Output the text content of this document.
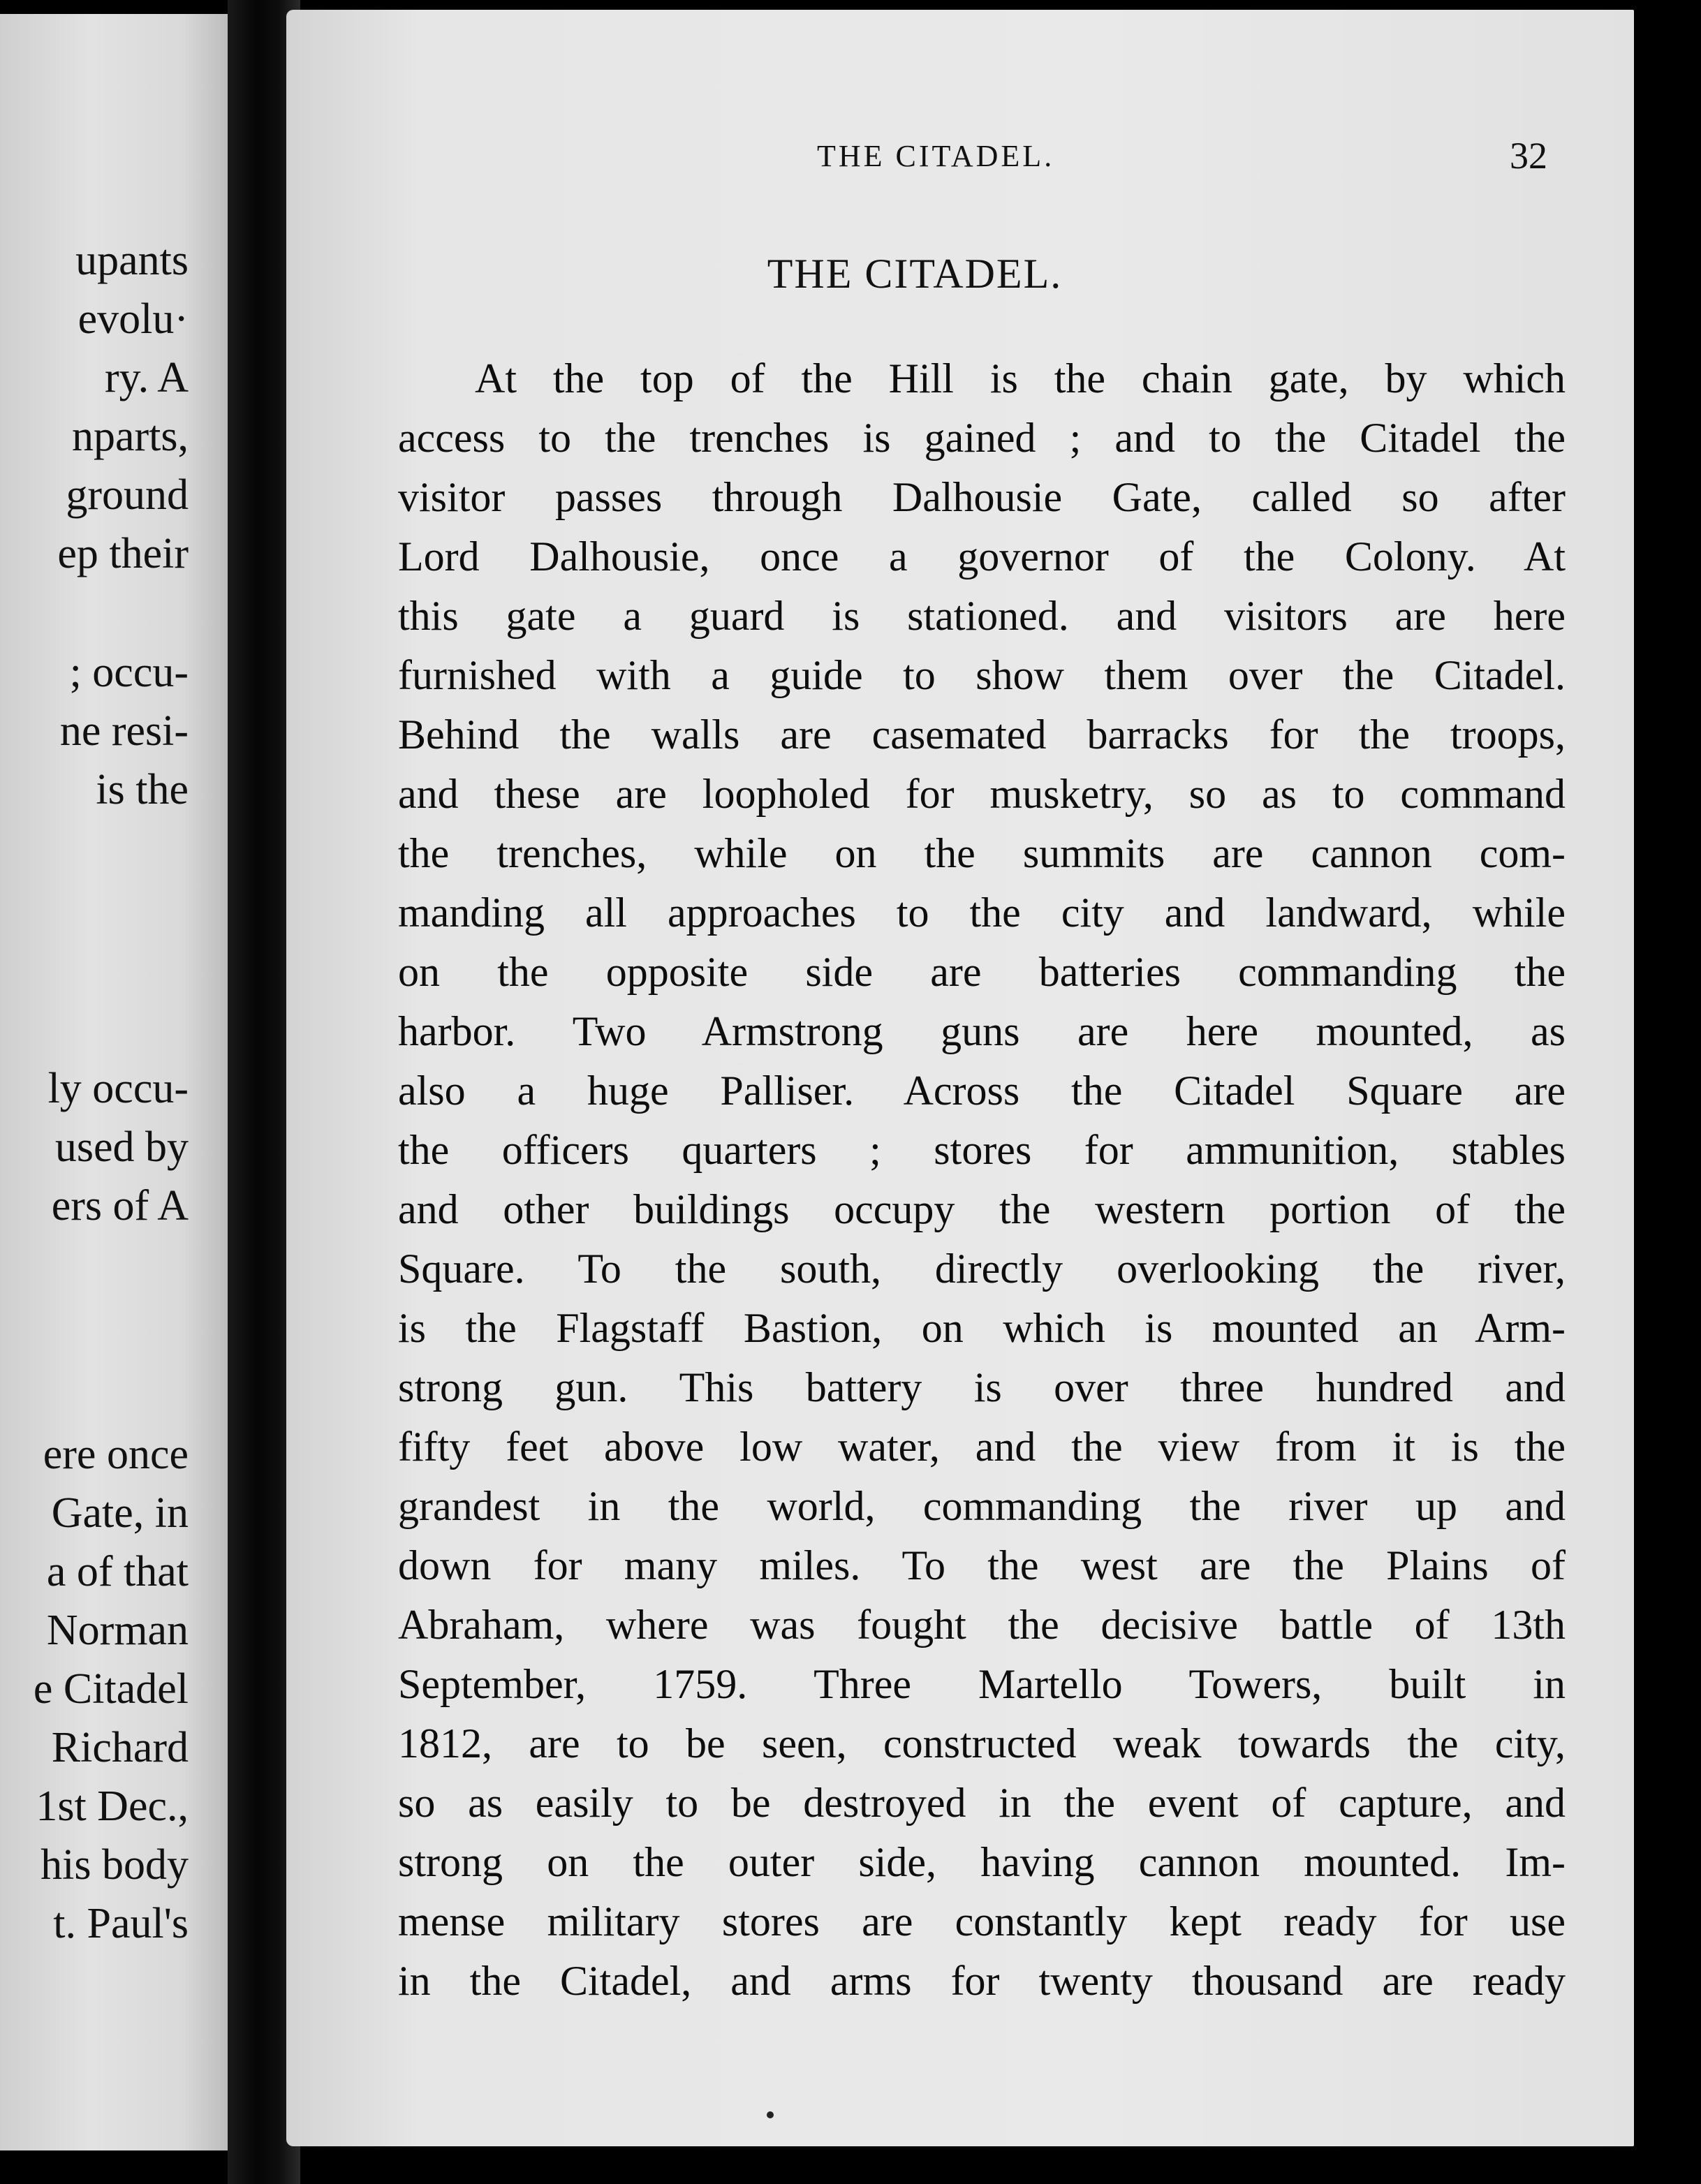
upants
evolu·
ry. A
nparts,
ground
ep their
; occu-
ne resi-
is the
ly occu-
used by
ers of A
ere once
Gate, in
a of that
Norman
e Citadel
Richard
1st Dec.,
his body
t. Paul's
THE CITADEL.	32
THE CITADEL.
At the top of the Hill is the chain gate, by which
access to the trenches is gained ; and to the Citadel the
visitor passes through Dalhousie Gate, called so after
Lord Dalhousie, once a governor of the Colony. At
this gate a guard is stationed. and visitors are here
furnished with a guide to show them over the Citadel.
Behind the walls are casemated barracks for the troops,
and these are loopholed for musketry, so as to command
the trenches, while on the summits are cannon com-
manding all approaches to the city and landward, while
on the opposite side are batteries commanding the
harbor. Two Armstrong guns are here mounted, as
also a huge Palliser. Across the Citadel Square are
the officers quarters ; stores for ammunition, stables
and other buildings occupy the western portion of the
Square. To the south, directly overlooking the river,
is the Flagstaff Bastion, on which is mounted an Arm-
strong gun. This battery is over three hundred and
fifty feet above low water, and the view from it is the
grandest in the world, commanding the river up and
down for many miles. To the west are the Plains of
Abraham, where was fought the decisive battle of 13th
September, 1759. Three Martello Towers, built in
1812, are to be seen, constructed weak towards the city,
so as easily to be destroyed in the event of capture, and
strong on the outer side, having cannon mounted. Im-
mense military stores are constantly kept ready for use
in the Citadel, and arms for twenty thousand are ready
